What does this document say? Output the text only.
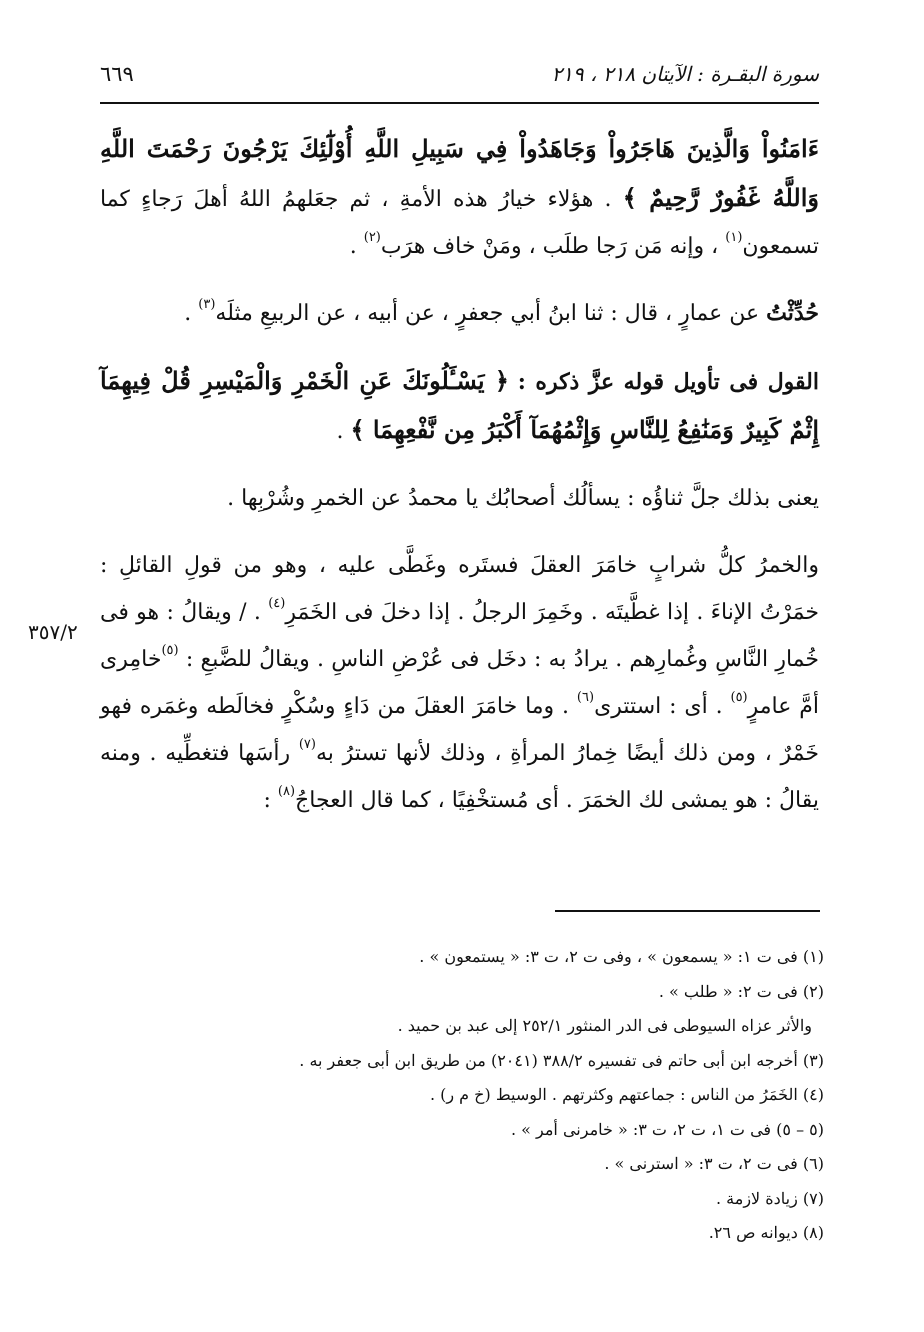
سورة البقـرة : الآيتان ٢١٨ ، ٢١٩
٦٦٩

ءَامَنُواْ وَالَّذِينَ هَاجَرُواْ وَجَاهَدُواْ فِي سَبِيلِ اللَّهِ أُوْلَٰٓئِكَ يَرْجُونَ رَحْمَتَ اللَّهِ وَاللَّهُ غَفُورٌ رَّحِيمٌ ﴾ . هؤلاء خيارُ هذه الأمةِ ، ثم جعَلهمُ اللهُ أهلَ رَجاءٍ كما تسمعون$^{(١)}$ ، وإنه مَن رَجا طلَب ، ومَنْ خاف هرَب$^{(٢)}$ .

حُدِّثْتُ عن عمارٍ ، قال : ثنا ابنُ أبي جعفرٍ ، عن أبيه ، عن الربيعِ مثلَه$^{(٣)}$ .

القول فى تأويل قوله عزَّ ذكره : ﴿ يَسْـَٔلُونَكَ عَنِ الْخَمْرِ وَالْمَيْسِرِ قُلْ فِيهِمَآ إِثْمٌ كَبِيرٌ وَمَنَٰفِعُ لِلنَّاسِ وَإِثْمُهُمَآ أَكْبَرُ مِن نَّفْعِهِمَا ﴾ .

يعنى بذلك جلَّ ثناؤُه : يسألُك أصحابُك يا محمدُ عن الخمرِ وشُرْبِها .

والخمرُ كلُّ شرابٍ خامَرَ العقلَ فستَره وغَطَّى عليه ، وهو من قولِ القائلِ : خمَرْتُ الإناءَ . إذا غطَّيتَه . وخَمِرَ الرجلُ . إذا دخلَ فى الخَمَرِ$^{(٤)}$ . / ويقالُ : هو فى خُمارِ النَّاسِ وغُمارِهم . يرادُ به : دخَل فى عُرْضِ الناسِ . ويقالُ للضَّبعِ : $^{(٥)}$خامِرى أمَّ عامرٍ$^{(٥)}$ . أى : استترى$^{(٦)}$ . وما خامَرَ العقلَ من دَاءٍ وسُكْرٍ فخالَطه وغمَره فهو خَمْرٌ ، ومن ذلك أيضًا خِمارُ المرأةِ ، وذلك لأنها تسترُ به$^{(٧)}$ رأسَها فتغطِّيه . ومنه يقالُ : هو يمشى لك الخمَرَ . أى مُستخْفِيًا ، كما قال العجاجُ$^{(٨)}$ :

٣٥٧/٢
(١) فى ت ١: « يسمعون » ، وفى ت ٢، ت ٣: « يستمعون » .
(٢) فى ت ٢: « طلب » .
والأثر عزاه السيوطى فى الدر المنثور ٢٥٢/١ إلى عبد بن حميد .
(٣) أخرجه ابن أبى حاتم فى تفسيره ٣٨٨/٢ (٢٠٤١) من طريق ابن أبى جعفر به .
(٤) الخَمَرُ من الناس : جماعتهم وكثرتهم . الوسيط (خ م ر) .
(٥ – ٥) فى ت ١، ت ٢، ت ٣: « خامرنى أمر » .
(٦) فى ت ٢، ت ٣: « استرنى » .
(٧) زيادة لازمة .
(٨) ديوانه ص ٢٦.
